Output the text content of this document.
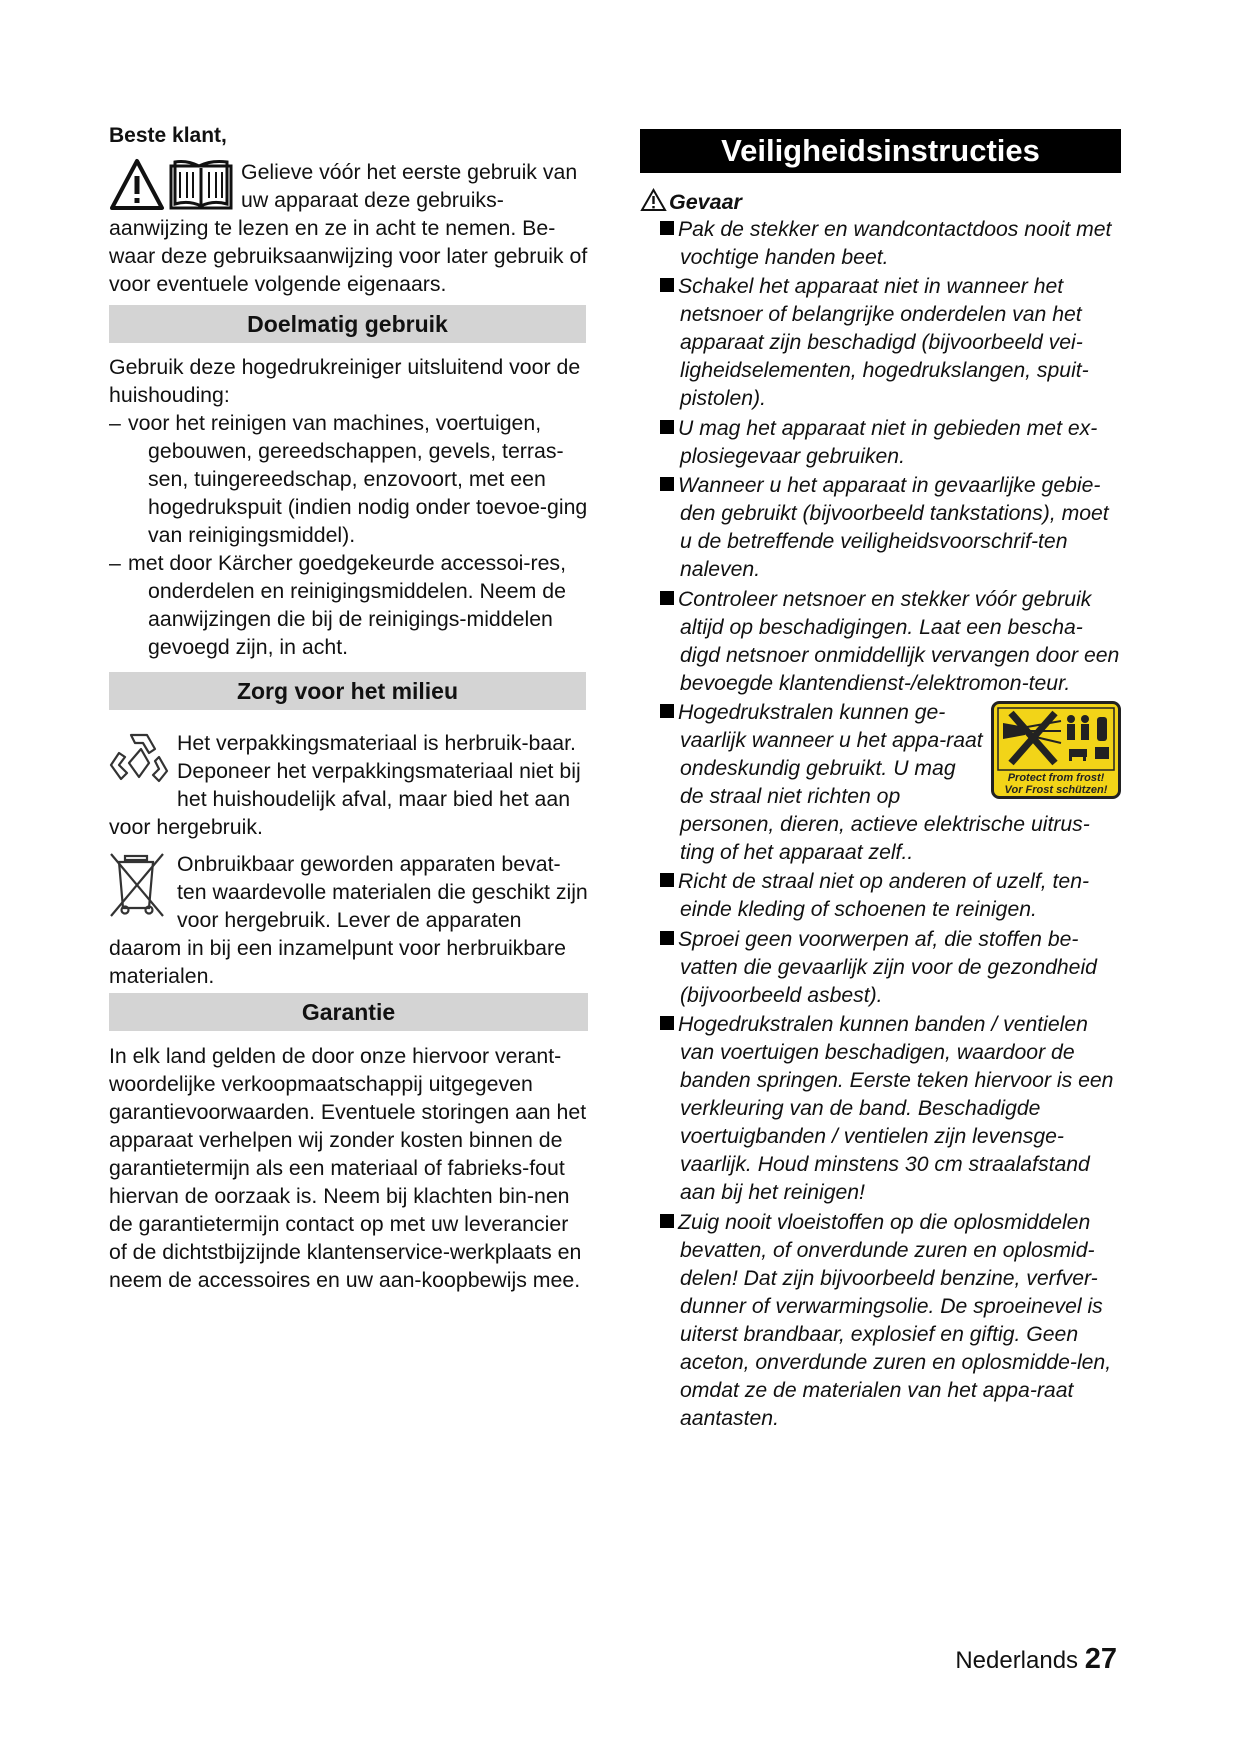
Beste klant,

Gelieve vóór het eerste gebruik van uw apparaat deze gebruiks-aanwijzing te lezen en ze in acht te nemen. Be-waar deze gebruiksaanwijzing voor later gebruik of voor eventuele volgende eigenaars.
Doelmatig gebruik

Gebruik deze hogedrukreiniger uitsluitend voor de huishouding:

– voor het reinigen van machines, voertuigen, gebouwen, gereedschappen, gevels, terras-sen, tuingereedschap, enzovoort, met een hogedrukspuit (indien nodig onder toevoe-ging van reinigingsmiddel).
– met door Kärcher goedgekeurde accessoi-res, onderdelen en reinigingsmiddelen. Neem de aanwijzingen die bij de reinigings-middelen gevoegd zijn, in acht.
Zorg voor het milieu
Het verpakkingsmateriaal is herbruik-baar. Deponeer het verpakkingsmateriaal niet bij het huishoudelijk afval, maar bied het aan voor hergebruik.
Onbruikbaar geworden apparaten bevat-ten waardevolle materialen die geschikt zijn voor hergebruik. Lever de apparaten daarom in bij een inzamelpunt voor herbruikbare materialen.
Garantie

In elk land gelden de door onze hiervoor verant-woordelijke verkoopmaatschappij uitgegeven garantievoorwaarden. Eventuele storingen aan het apparaat verhelpen wij zonder kosten binnen de garantietermijn als een materiaal of fabrieks-fout hiervan de oorzaak is. Neem bij klachten bin-nen de garantietermijn contact op met uw leverancier of de dichtstbijzijnde klantenservice-werkplaats en neem de accessoires en uw aan-koopbewijs mee.

Veiligheidsinstructies
Gevaar
Pak de stekker en wandcontactdoos nooit met vochtige handen beet.
Schakel het apparaat niet in wanneer het netsnoer of belangrijke onderdelen van het apparaat zijn beschadigd (bijvoorbeeld vei-ligheidselementen, hogedrukslangen, spuit-pistolen).
U mag het apparaat niet in gebieden met ex-plosiegevaar gebruiken.
Wanneer u het apparaat in gevaarlijke gebie-den gebruikt (bijvoorbeeld tankstations), moet u de betreffende veiligheidsvoorschrif-ten naleven.
Controleer netsnoer en stekker vóór gebruik altijd op beschadigingen. Laat een bescha-digd netsnoer onmiddellijk vervangen door een bevoegde klantendienst-/elektromon-teur.
Protect from frost!
Vor Frost schützen!
Hogedrukstralen kunnen ge-vaarlijk wanneer u het appa-raat ondeskundig gebruikt. U mag de straal niet richten op personen, dieren, actieve elektrische uitrus-ting of het apparaat zelf..
Richt de straal niet op anderen of uzelf, ten-einde kleding of schoenen te reinigen.
Sproei geen voorwerpen af, die stoffen be-vatten die gevaarlijk zijn voor de gezondheid (bijvoorbeeld asbest).
Hogedrukstralen kunnen banden / ventielen van voertuigen beschadigen, waardoor de banden springen. Eerste teken hiervoor is een verkleuring van de band. Beschadigde voertuigbanden / ventielen zijn levensge-vaarlijk. Houd minstens 30 cm straalafstand aan bij het reinigen!
Zuig nooit vloeistoffen op die oplosmiddelen bevatten, of onverdunde zuren en oplosmid-delen! Dat zijn bijvoorbeeld benzine, verfver-dunner of verwarmingsolie. De sproeinevel is uiterst brandbaar, explosief en giftig. Geen aceton, onverdunde zuren en oplosmidde-len, omdat ze de materialen van het appa-raat aantasten.
Nederlands 27
